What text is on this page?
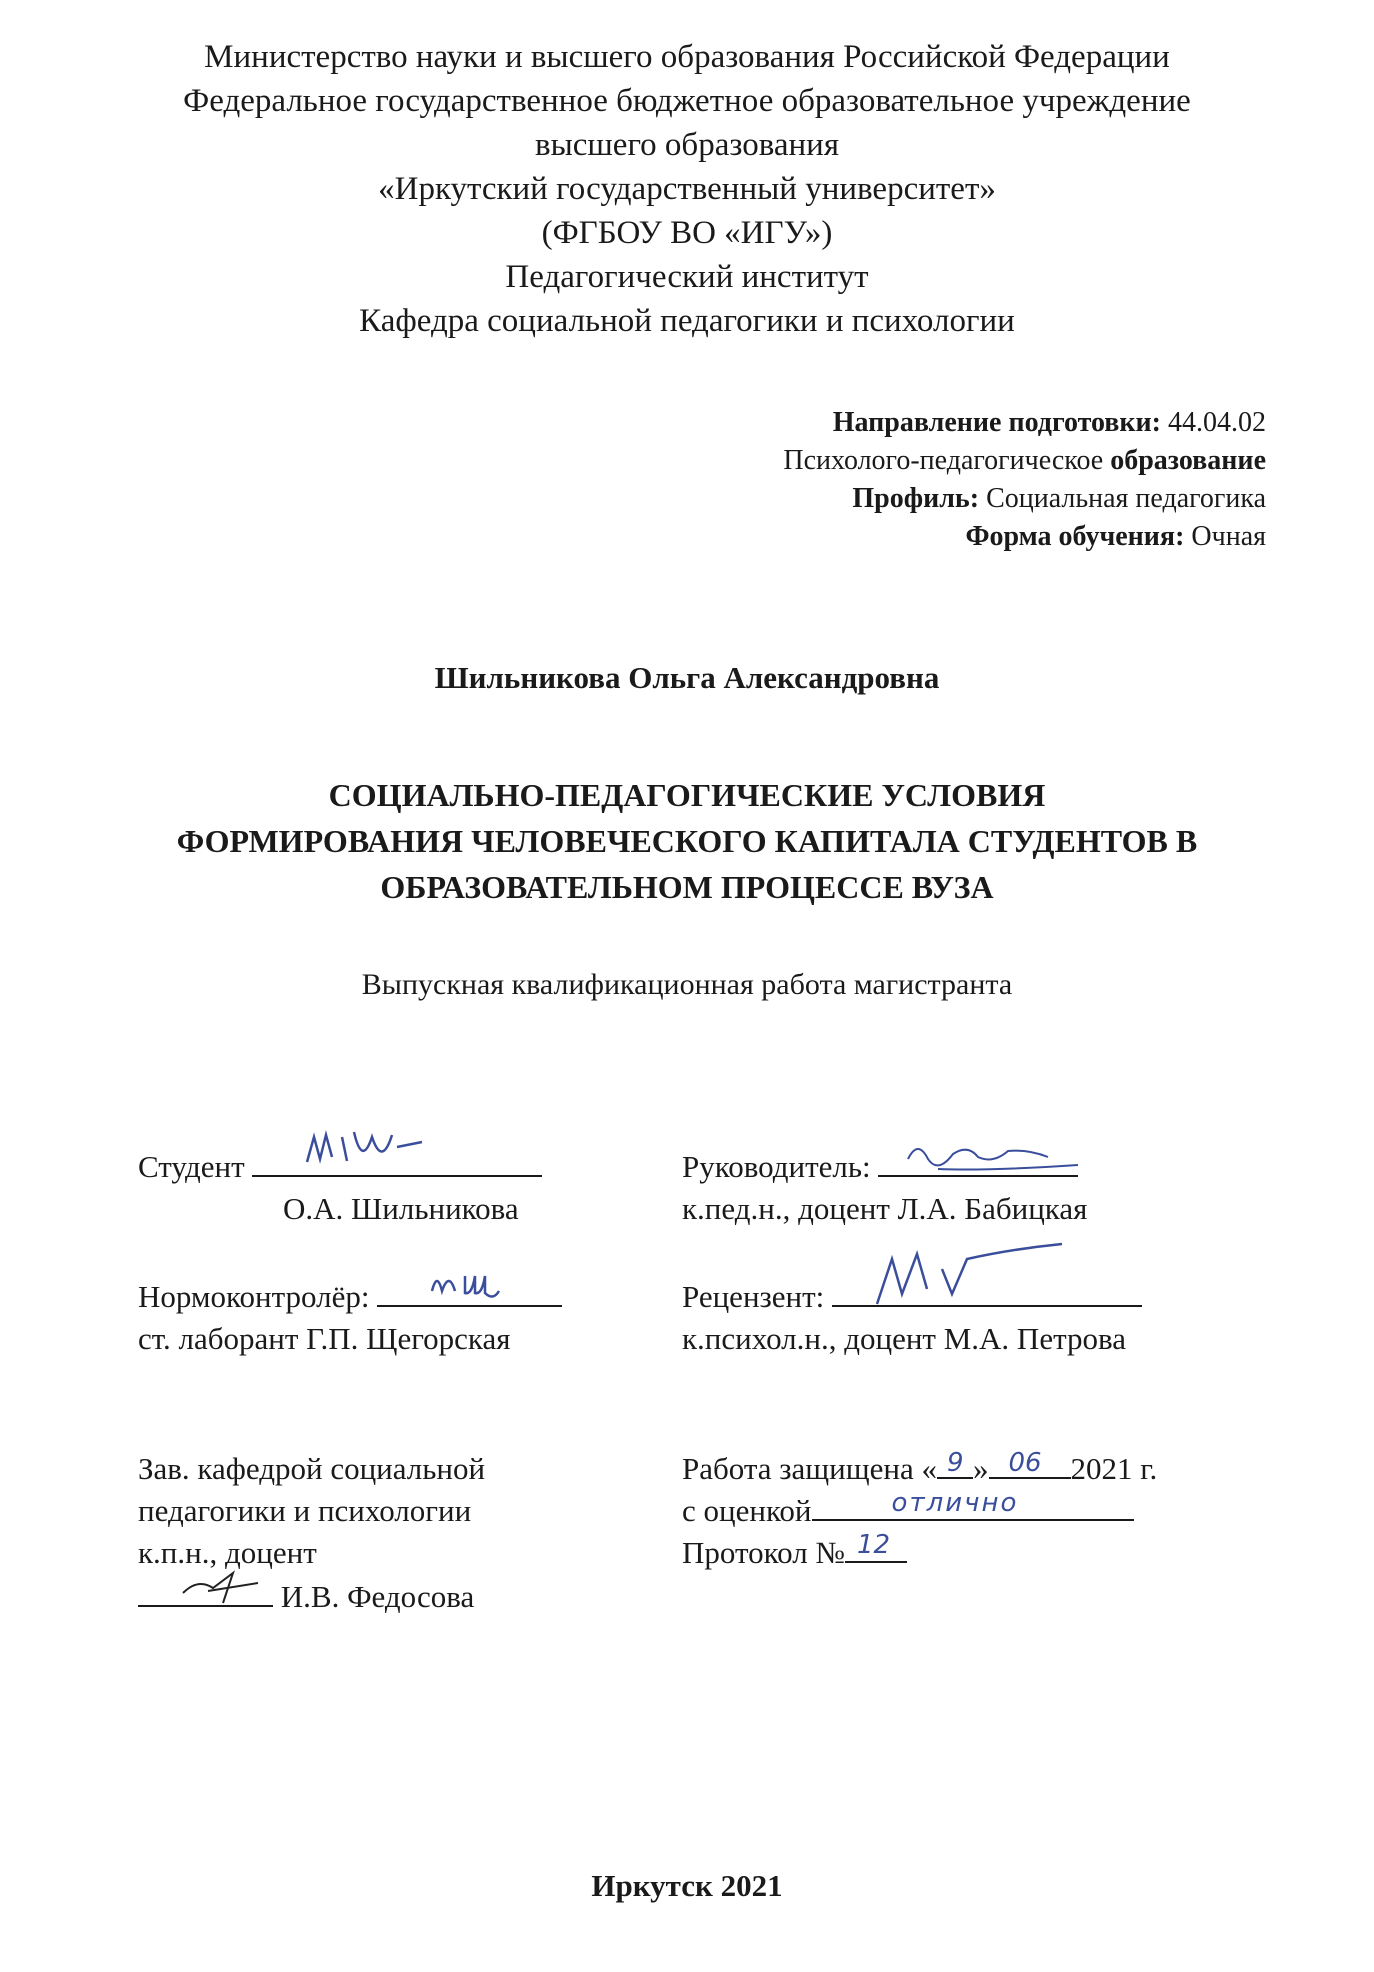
Министерство науки и высшего образования Российской Федерации
Федеральное государственное бюджетное образовательное учреждение
высшего образования
«Иркутский государственный университет»
(ФГБОУ ВО «ИГУ»)
Педагогический институт
Кафедра социальной педагогики и психологии
Направление подготовки: 44.04.02
Психолого-педагогическое образование
Профиль: Социальная педагогика
Форма обучения: Очная
Шильникова Ольга Александровна
СОЦИАЛЬНО-ПЕДАГОГИЧЕСКИЕ УСЛОВИЯ
ФОРМИРОВАНИЯ ЧЕЛОВЕЧЕСКОГО КАПИТАЛА СТУДЕНТОВ В
ОБРАЗОВАТЕЛЬНОМ ПРОЦЕССЕ ВУЗА
Выпускная квалификационная работа магистранта
Студент
О.А. Шильникова
Руководитель:
к.пед.н., доцент Л.А. Бабицкая
Нормоконтролёр:
ст. лаборант Г.П. Щегорская
Рецензент:
к.психол.н., доцент М.А. Петрова
Зав. кафедрой социальной
педагогики и психологии
к.п.н., доцент
И.В. Федосова
Работа защищена « 9 » 06 2021 г.
с оценкой	отлично
Протокол № 12
Иркутск 2021
